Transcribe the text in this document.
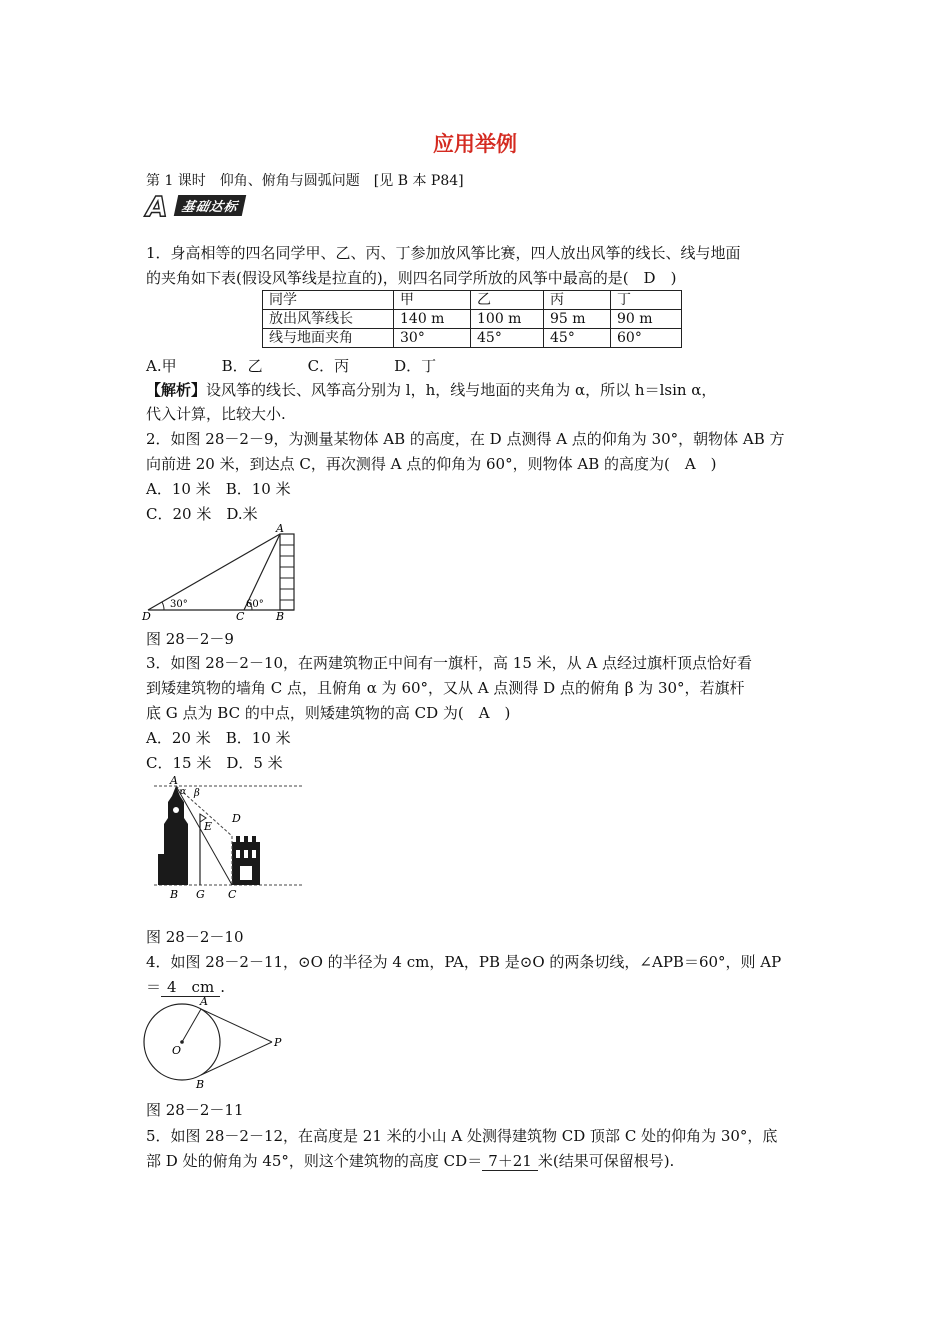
应用举例
第 1 课时　仰角、俯角与圆弧问题　[见 B 本 P84]
A 基础达标
1．身高相等的四名同学甲、乙、丙、丁参加放风筝比赛，四人放出风筝的线长、线与地面
的夹角如下表(假设风筝线是拉直的)，则四名同学所放的风筝中最高的是(　D　)
同学	甲	乙	丙	丁
放出风筝线长	140 m	100 m	95 m	90 m
线与地面夹角	30°	45°	45°	60°
A.甲　　　B．乙　　　C．丙　　　D．丁
【解析】设风筝的线长、风筝高分别为 l，h，线与地面的夹角为 α，所以 h＝lsin α，
代入计算，比较大小.
2．如图 28－2－9，为测量某物体 AB 的高度，在 D 点测得 A 点的仰角为 30°，朝物体 AB 方
向前进 20 米，到达点 C，再次测得 A 点的仰角为 60°，则物体 AB 的高度为(　A　)
A．10 米　B．10 米
C．20 米　D.米
A
D	C	B
30°	60°
图 28－2－9
3．如图 28－2－10，在两建筑物正中间有一旗杆，高 15 米，从 A 点经过旗杆顶点恰好看
到矮建筑物的墙角 C 点，且俯角 α 为 60°，又从 A 点测得 D 点的俯角 β 为 30°，若旗杆
底 G 点为 BC 的中点，则矮建筑物的高 CD 为(　A　)
A．20 米　B．10 米
C．15 米　D．5 米
A
α β
E
D
B G C
图 28－2－10
4．如图 28－2－11，⊙O 的半径为 4 cm，PA，PB 是⊙O 的两条切线，∠APB＝60°，则 AP
＝ 4　cm .
A
O
P
B
图 28－2－11
5．如图 28－2－12，在高度是 21 米的小山 A 处测得建筑物 CD 顶部 C 处的仰角为 30°，底
部 D 处的俯角为 45°，则这个建筑物的高度 CD＝ 7＋21 米(结果可保留根号).
